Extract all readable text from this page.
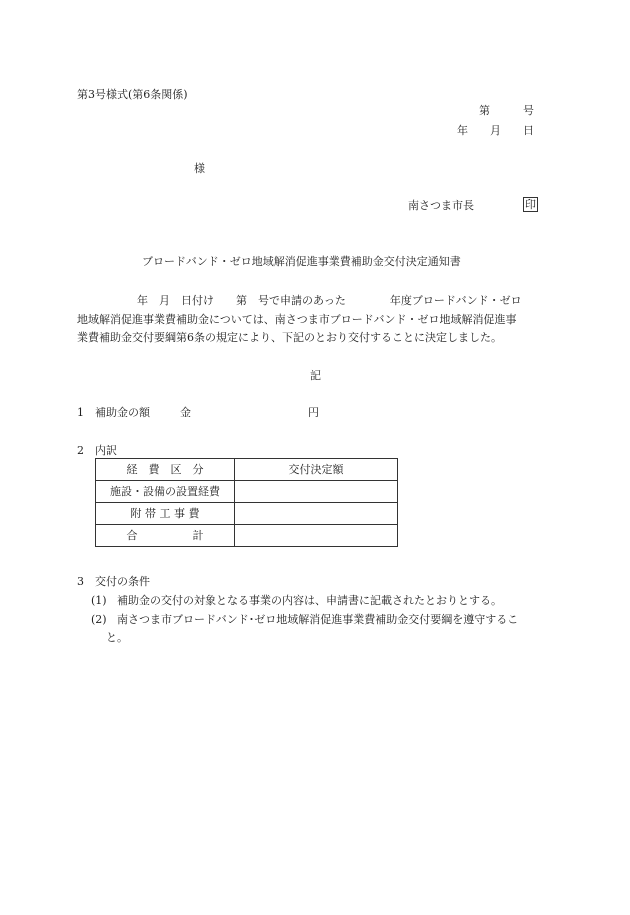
第3号様式(第6条関係)
第　　　号
年　　月　　日
様
南さつま市長	印
ブロードバンド・ゼロ地域解消促進事業費補助金交付決定通知書
年　月　日付け　　第　号で申請のあった　　　　年度ブロードバンド・ゼロ
地域解消促進事業費補助金については、南さつま市ブロードバンド・ゼロ地域解消促進事
業費補助金交付要綱第6条の規定により、下記のとおり交付することに決定しました。
記
1　補助金の額	金	円
2　内訳
経　費　区　分	交付決定額
施設・設備の設置経費	
附 帯 工 事 費	
合　　　　　計	
3　交付の条件
(1) 補助金の交付の対象となる事業の内容は、申請書に記載されたとおりとする。
(2) 南さつま市ブロードバンド･ゼロ地域解消促進事業費補助金交付要綱を遵守するこ
と。
